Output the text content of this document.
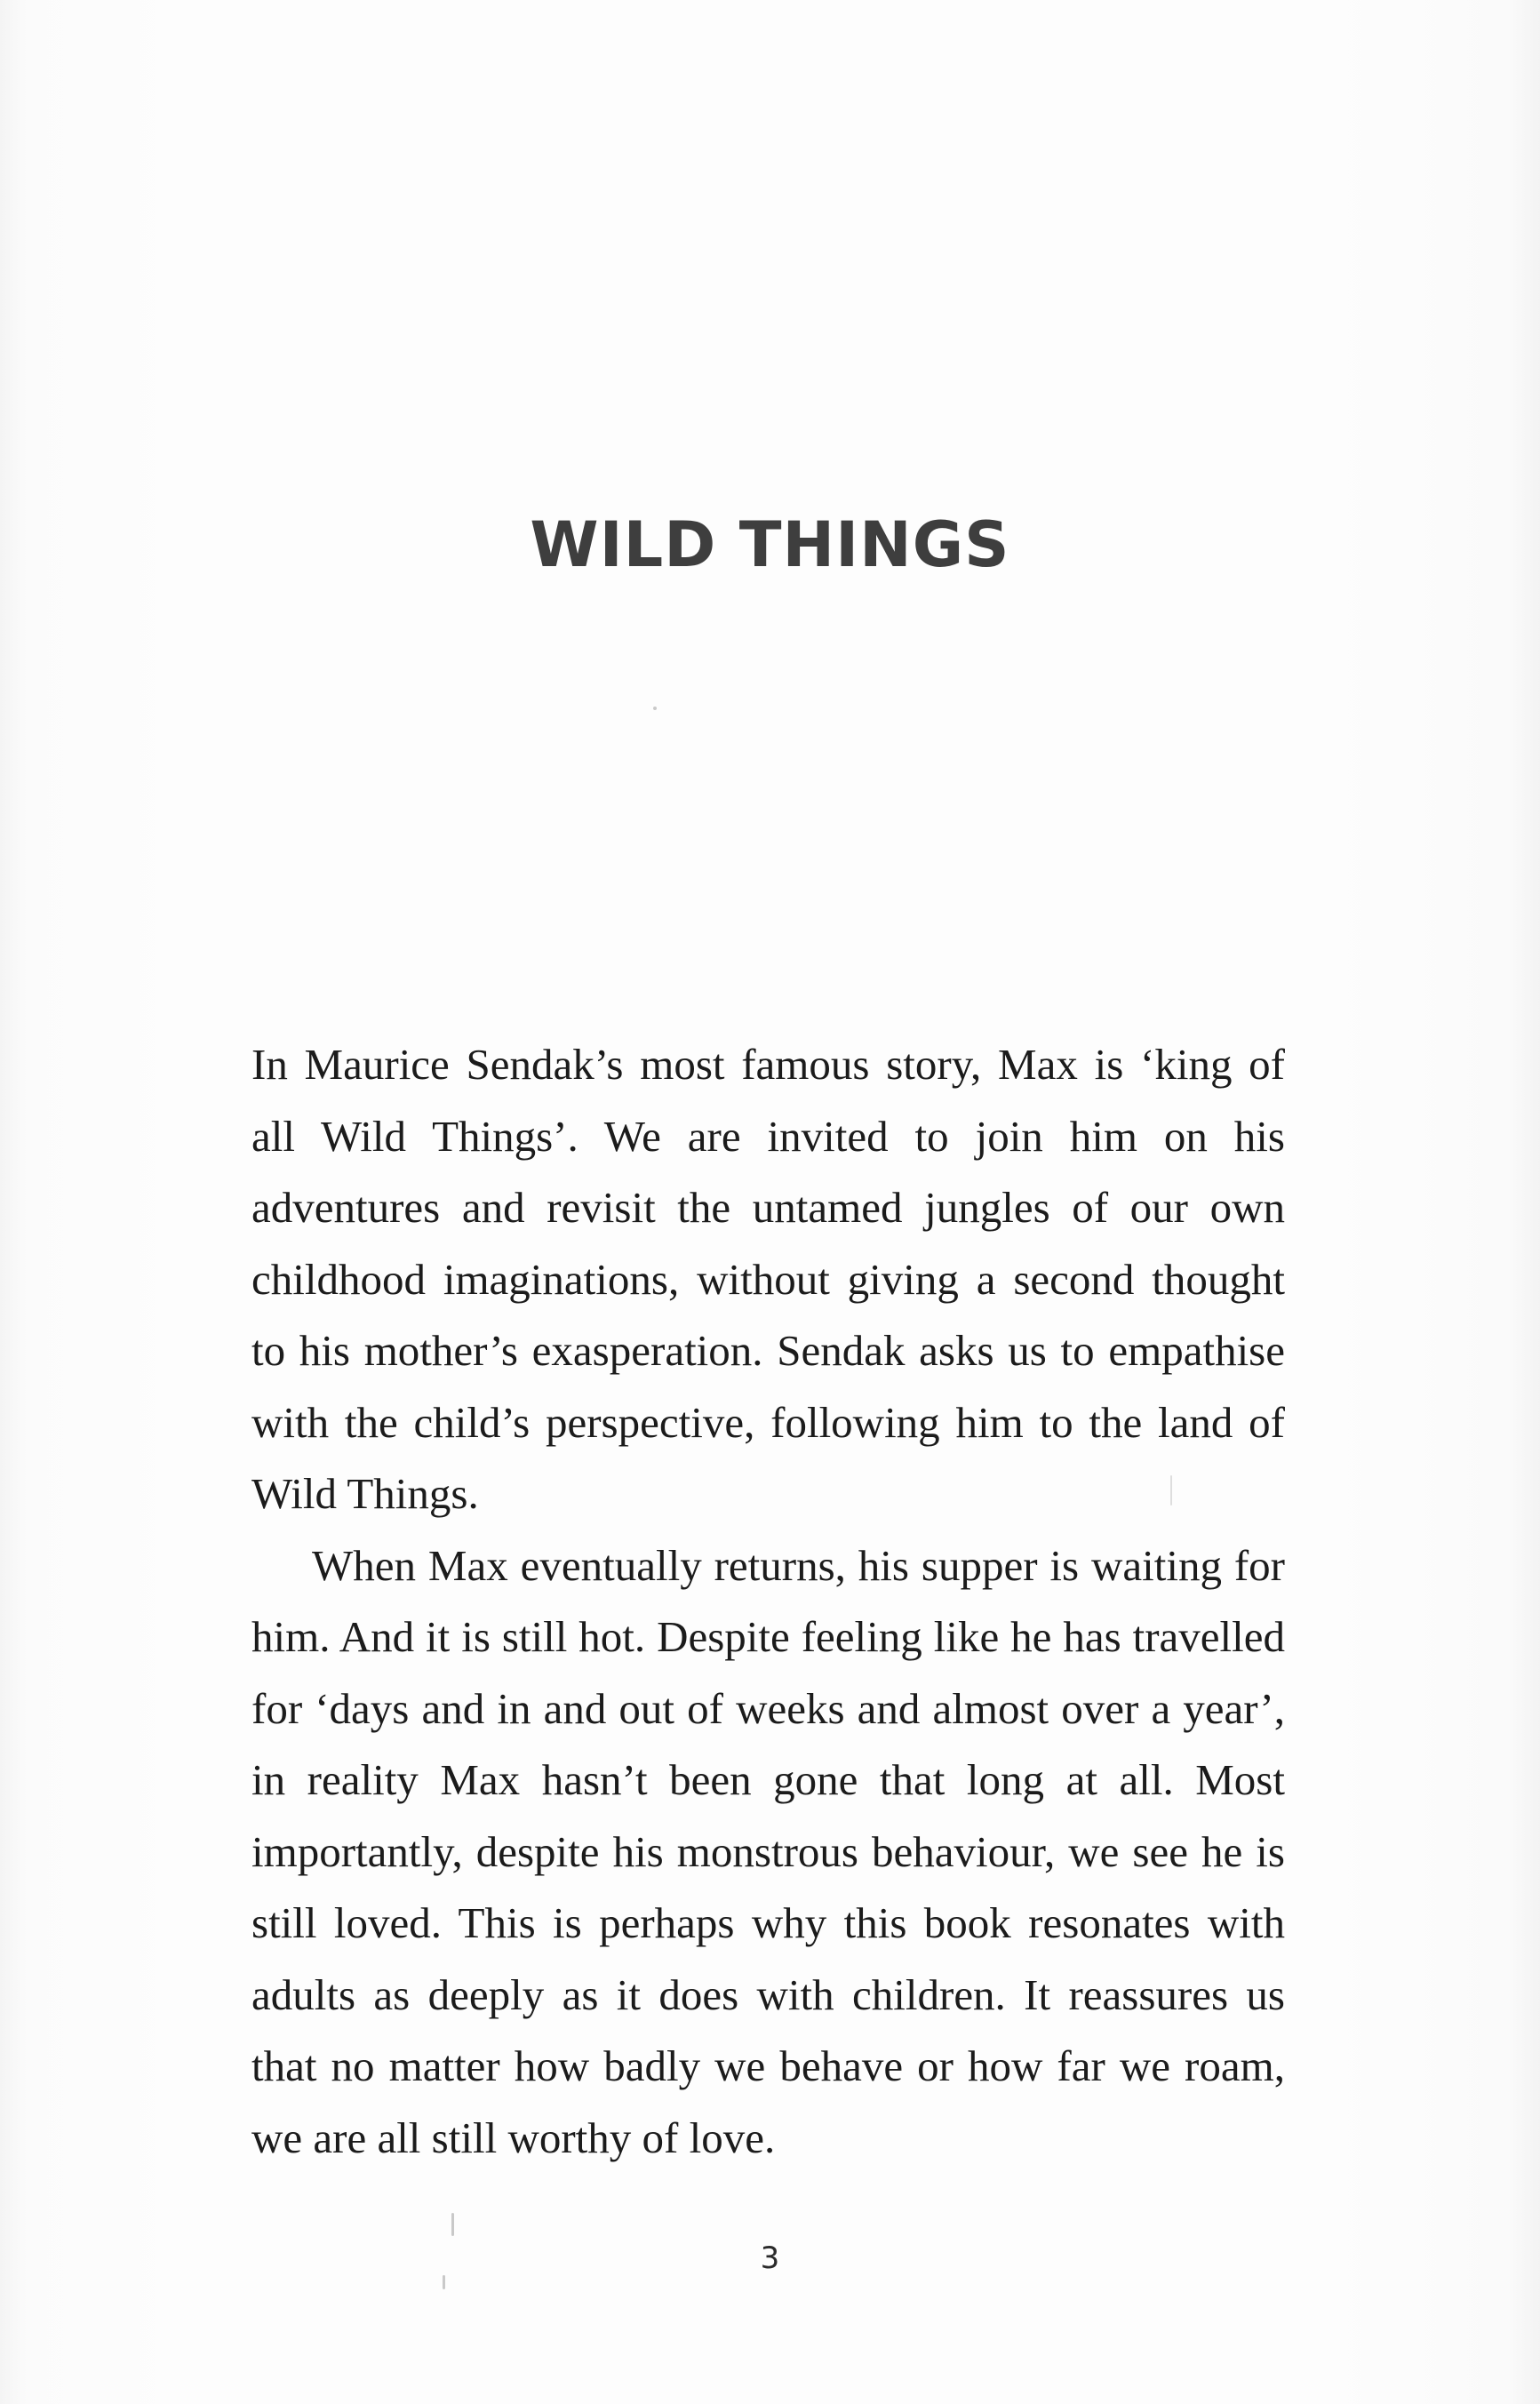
WILD THINGS

In Maurice Sendak’s most famous story, Max is ‘king of all Wild Things’. We are invited to join him on his adventures and revisit the untamed jungles of our own childhood imaginations, without giving a second thought to his mother’s exasperation. Sendak asks us to empathise with the child’s perspective, following him to the land of Wild Things.

When Max eventually returns, his supper is waiting for him. And it is still hot. Despite feeling like he has travelled for ‘days and in and out of weeks and almost over a year’, in reality Max hasn’t been gone that long at all. Most importantly, despite his monstrous behaviour, we see he is still loved. This is perhaps why this book resonates with adults as deeply as it does with children. It reassures us that no matter how badly we behave or how far we roam, we are all still worthy of love.

3
